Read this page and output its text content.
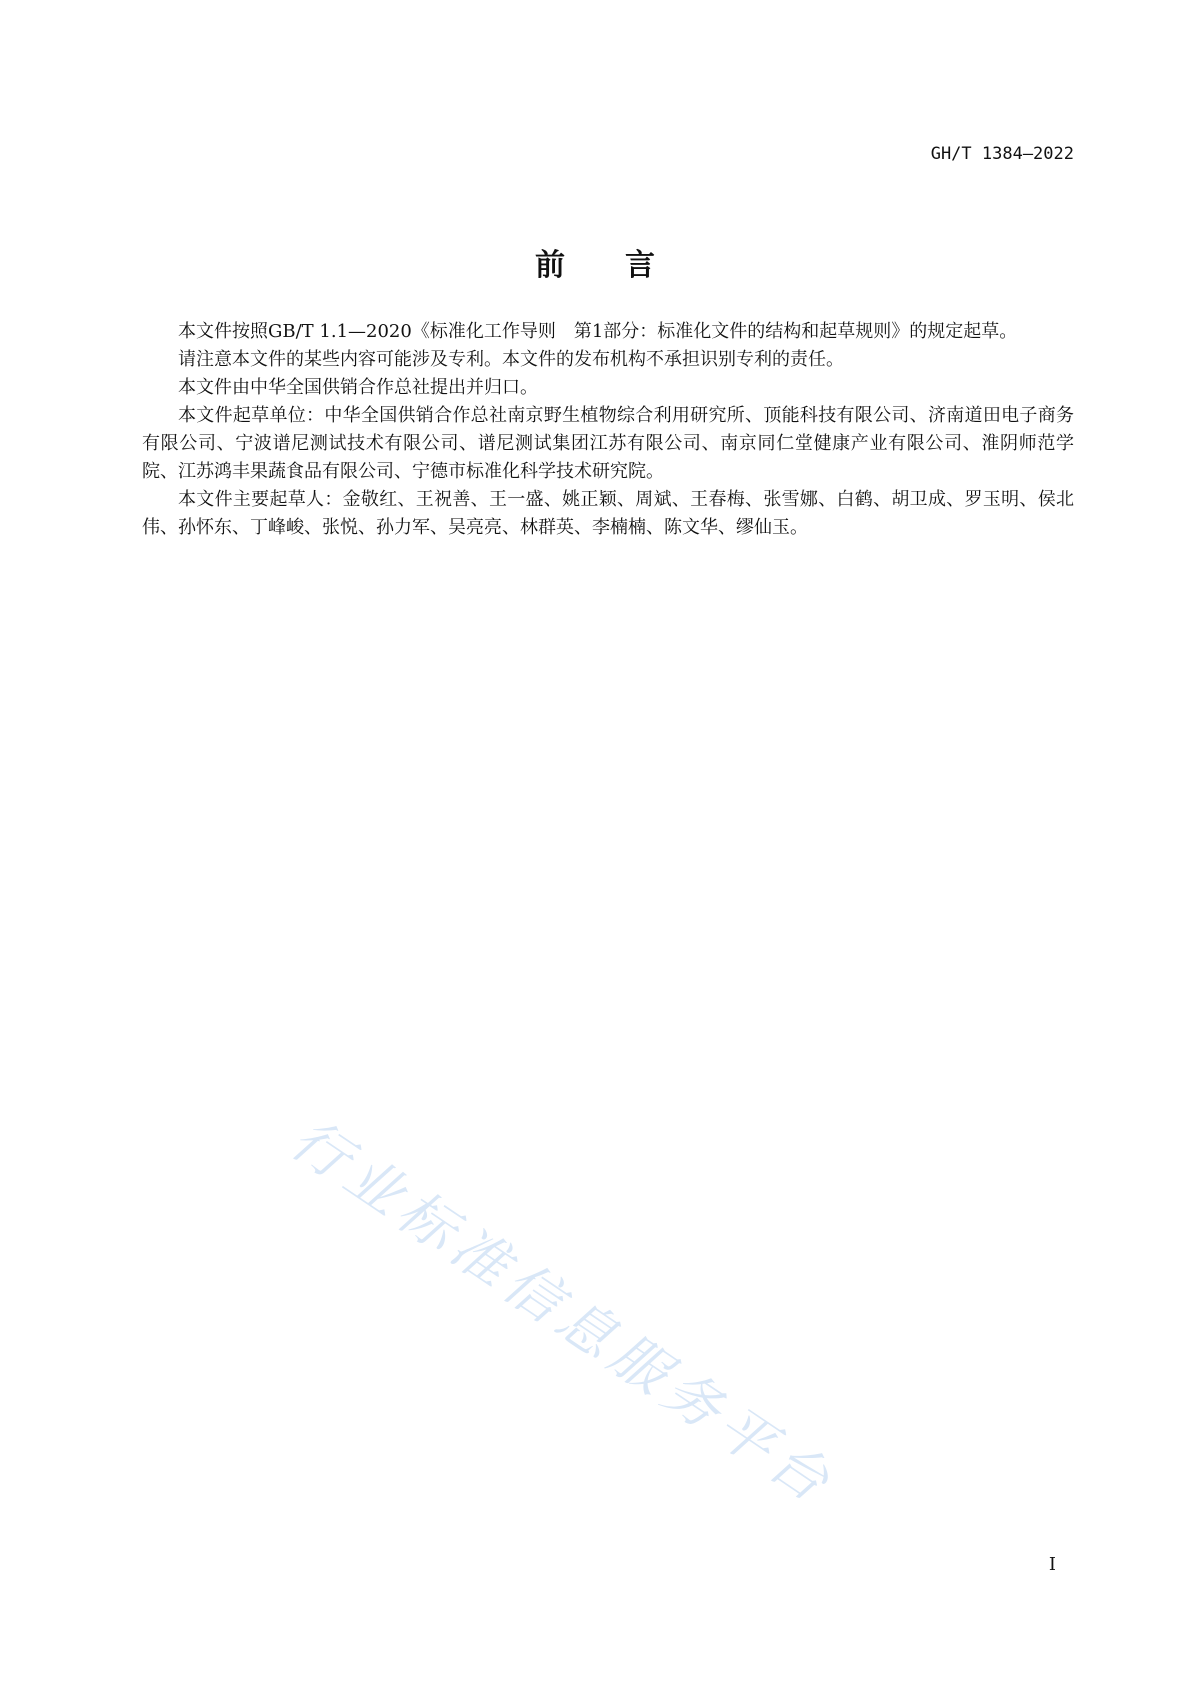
GH/T 1384—2022
前 言

本文件按照GB/T 1.1—2020《标准化工作导则　第1部分：标准化文件的结构和起草规则》的规定起草。

请注意本文件的某些内容可能涉及专利。本文件的发布机构不承担识别专利的责任。

本文件由中华全国供销合作总社提出并归口。

本文件起草单位：中华全国供销合作总社南京野生植物综合利用研究所、顶能科技有限公司、济南道田电子商务有限公司、宁波谱尼测试技术有限公司、谱尼测试集团江苏有限公司、南京同仁堂健康产业有限公司、淮阴师范学院、江苏鸿丰果蔬食品有限公司、宁德市标准化科学技术研究院。

本文件主要起草人：金敬红、王祝善、王一盛、姚正颖、周斌、王春梅、张雪娜、白鹤、胡卫成、罗玉明、侯北伟、孙怀东、丁峰峻、张悦、孙力军、吴亮亮、林群英、李楠楠、陈文华、缪仙玉。

行业标准信息服务平台
I
